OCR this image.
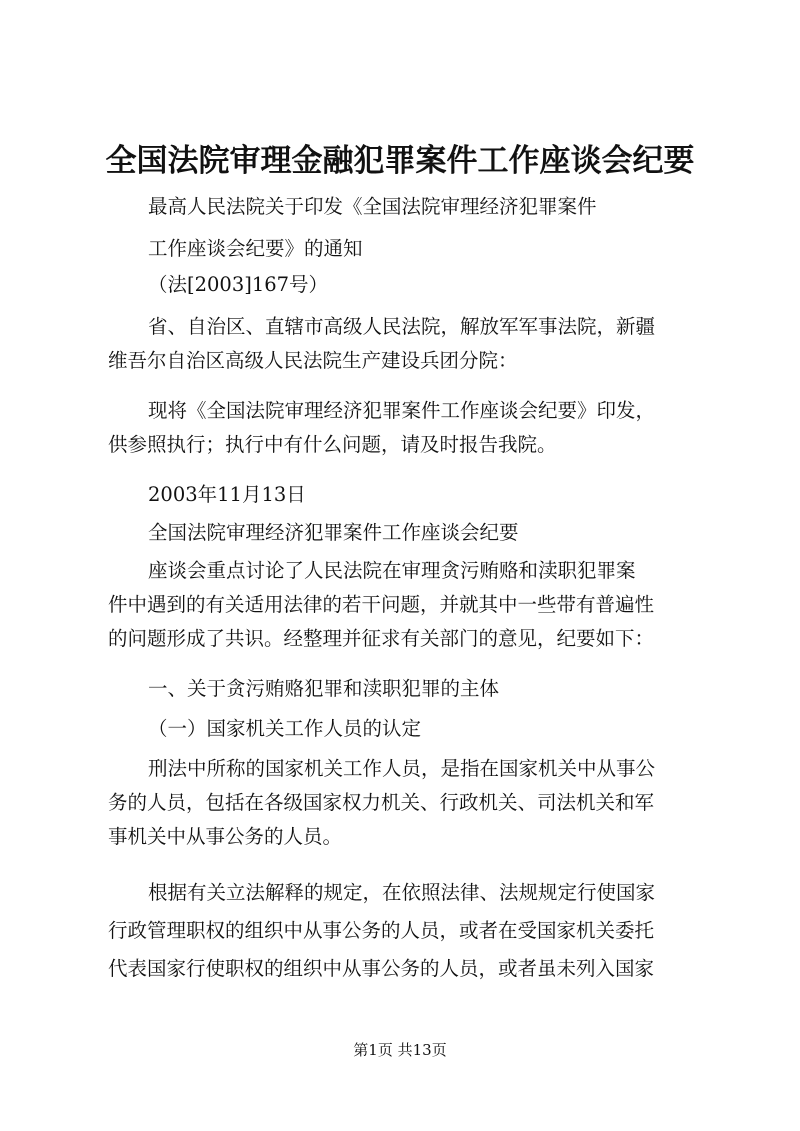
全国法院审理金融犯罪案件工作座谈会纪要
最高人民法院关于印发《全国法院审理经济犯罪案件
工作座谈会纪要》的通知
（法[2003]167号）
省、自治区、直辖市高级人民法院，解放军军事法院，新疆
维吾尔自治区高级人民法院生产建设兵团分院：
现将《全国法院审理经济犯罪案件工作座谈会纪要》印发，
供参照执行；执行中有什么问题，请及时报告我院。
2003年11月13日
全国法院审理经济犯罪案件工作座谈会纪要
座谈会重点讨论了人民法院在审理贪污贿赂和渎职犯罪案
件中遇到的有关适用法律的若干问题，并就其中一些带有普遍性
的问题形成了共识。经整理并征求有关部门的意见，纪要如下：
一、关于贪污贿赂犯罪和渎职犯罪的主体
（一）国家机关工作人员的认定
刑法中所称的国家机关工作人员，是指在国家机关中从事公
务的人员，包括在各级国家权力机关、行政机关、司法机关和军
事机关中从事公务的人员。
根据有关立法解释的规定，在依照法律、法规规定行使国家
行政管理职权的组织中从事公务的人员，或者在受国家机关委托
代表国家行使职权的组织中从事公务的人员，或者虽未列入国家
第1页 共13页
